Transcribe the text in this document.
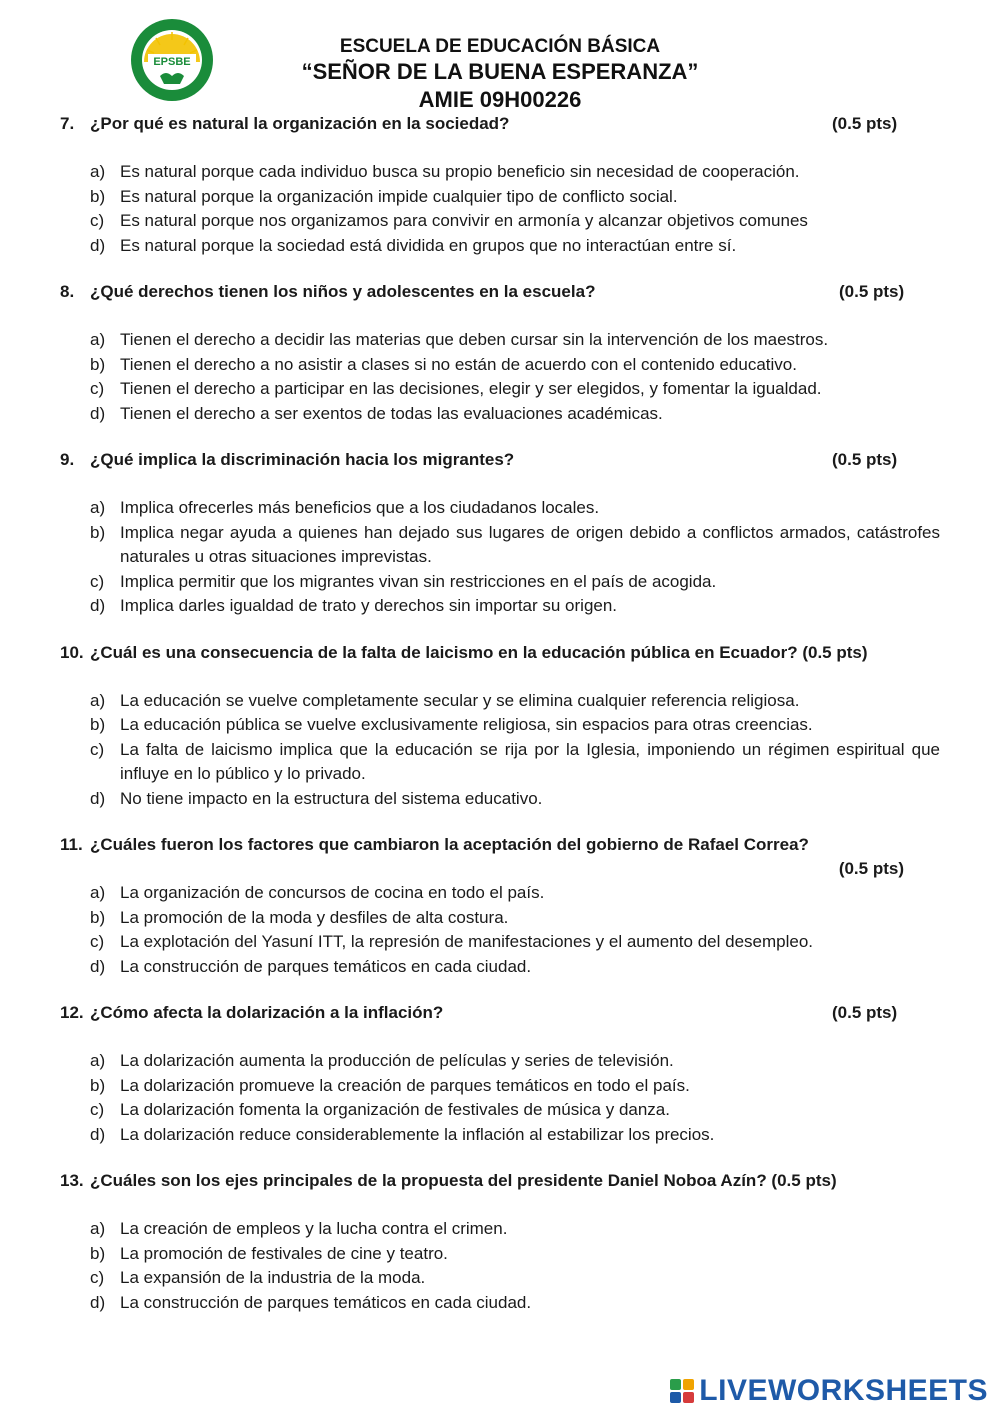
EPSBE
ESCUELA DE EDUCACIÓN BÁSICA
“SEÑOR DE LA BUENA ESPERANZA”
AMIE 09H00226

7. ¿Por qué es natural la organización en la sociedad?	(0.5 pts)

a) Es natural porque cada individuo busca su propio beneficio sin necesidad de cooperación.
b) Es natural porque la organización impide cualquier tipo de conflicto social.
c) Es natural porque nos organizamos para convivir en armonía y alcanzar objetivos comunes
d) Es natural porque la sociedad está dividida en grupos que no interactúan entre sí.

8. ¿Qué derechos tienen los niños y adolescentes en la escuela?	(0.5 pts)

a) Tienen el derecho a decidir las materias que deben cursar sin la intervención de los maestros.
b) Tienen el derecho a no asistir a clases si no están de acuerdo con el contenido educativo.
c) Tienen el derecho a participar en las decisiones, elegir y ser elegidos, y fomentar la igualdad.
d) Tienen el derecho a ser exentos de todas las evaluaciones académicas.

9. ¿Qué implica la discriminación hacia los migrantes?	(0.5 pts)

a) Implica ofrecerles más beneficios que a los ciudadanos locales.
b) Implica negar ayuda a quienes han dejado sus lugares de origen debido a conflictos armados, catástrofes naturales u otras situaciones imprevistas.
c) Implica permitir que los migrantes vivan sin restricciones en el país de acogida.
d) Implica darles igualdad de trato y derechos sin importar su origen.

10. ¿Cuál es una consecuencia de la falta de laicismo en la educación pública en Ecuador? (0.5 pts)

a) La educación se vuelve completamente secular y se elimina cualquier referencia religiosa.
b) La educación pública se vuelve exclusivamente religiosa, sin espacios para otras creencias.
c) La falta de laicismo implica que la educación se rija por la Iglesia, imponiendo un régimen espiritual que influye en lo público y lo privado.
d) No tiene impacto en la estructura del sistema educativo.

11. ¿Cuáles fueron los factores que cambiaron la aceptación del gobierno de Rafael Correa?
(0.5 pts)

a) La organización de concursos de cocina en todo el país.
b) La promoción de la moda y desfiles de alta costura.
c) La explotación del Yasuní ITT, la represión de manifestaciones y el aumento del desempleo.
d) La construcción de parques temáticos en cada ciudad.

12. ¿Cómo afecta la dolarización a la inflación?	(0.5 pts)

a) La dolarización aumenta la producción de películas y series de televisión.
b) La dolarización promueve la creación de parques temáticos en todo el país.
c) La dolarización fomenta la organización de festivales de música y danza.
d) La dolarización reduce considerablemente la inflación al estabilizar los precios.

13. ¿Cuáles son los ejes principales de la propuesta del presidente Daniel Noboa Azín? (0.5 pts)

a) La creación de empleos y la lucha contra el crimen.
b) La promoción de festivales de cine y teatro.
c) La expansión de la industria de la moda.
d) La construcción de parques temáticos en cada ciudad.
LIVEWORKSHEETS
